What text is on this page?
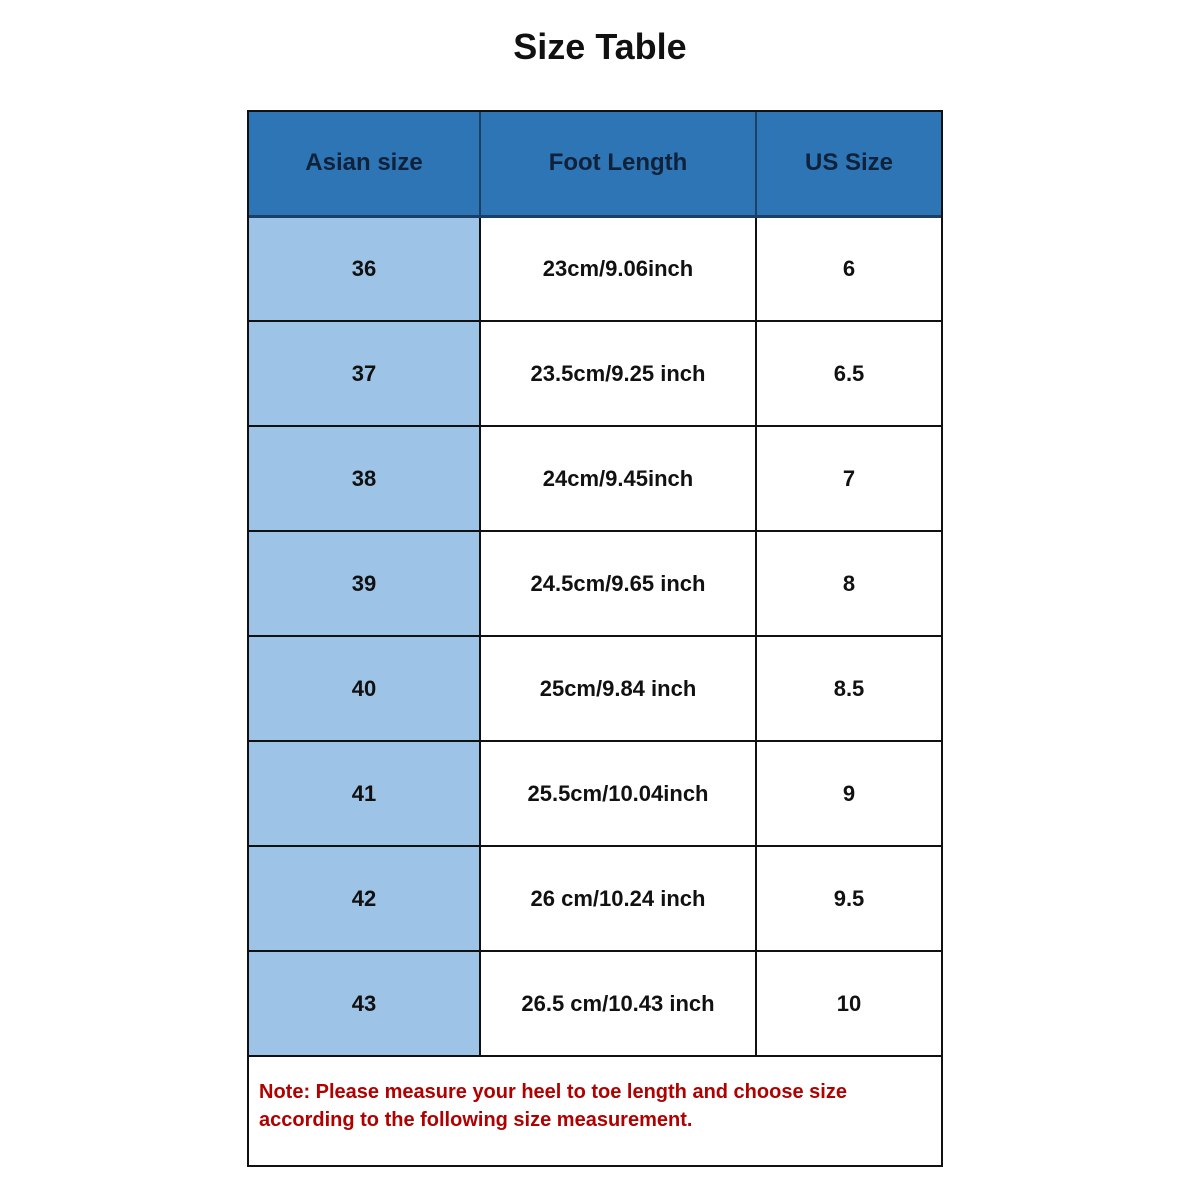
Size Table
Asian size	Foot Length	US Size
36	23cm/9.06inch	6
37	23.5cm/9.25 inch	6.5
38	24cm/9.45inch	7
39	24.5cm/9.65 inch	8
40	25cm/9.84 inch	8.5
41	25.5cm/10.04inch	9
42	26 cm/10.24 inch	9.5
43	26.5 cm/10.43 inch	10
Note: Please measure your heel to toe length and choose size according to the following size measurement.
